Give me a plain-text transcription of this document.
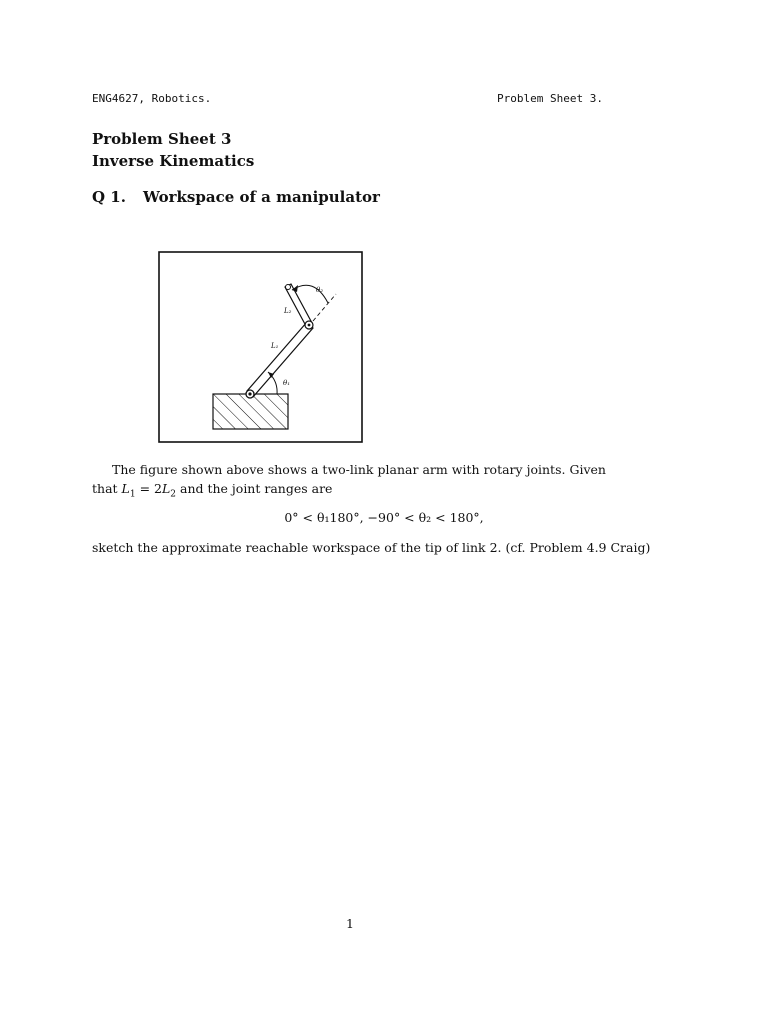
ENG4627, Robotics.	Problem Sheet 3.
Problem Sheet 3
Inverse Kinematics
Q 1. Workspace of a manipulator
θ₂
L₂
L₁
θ₁
The figure shown above shows a two-link planar arm with rotary joints. Given that $L_1 = 2L_2$ and the joint ranges are
0° < θ₁180°, −90° < θ₂ < 180°,
sketch the approximate reachable workspace of the tip of link 2. (cf. Problem 4.9 Craig)
1
